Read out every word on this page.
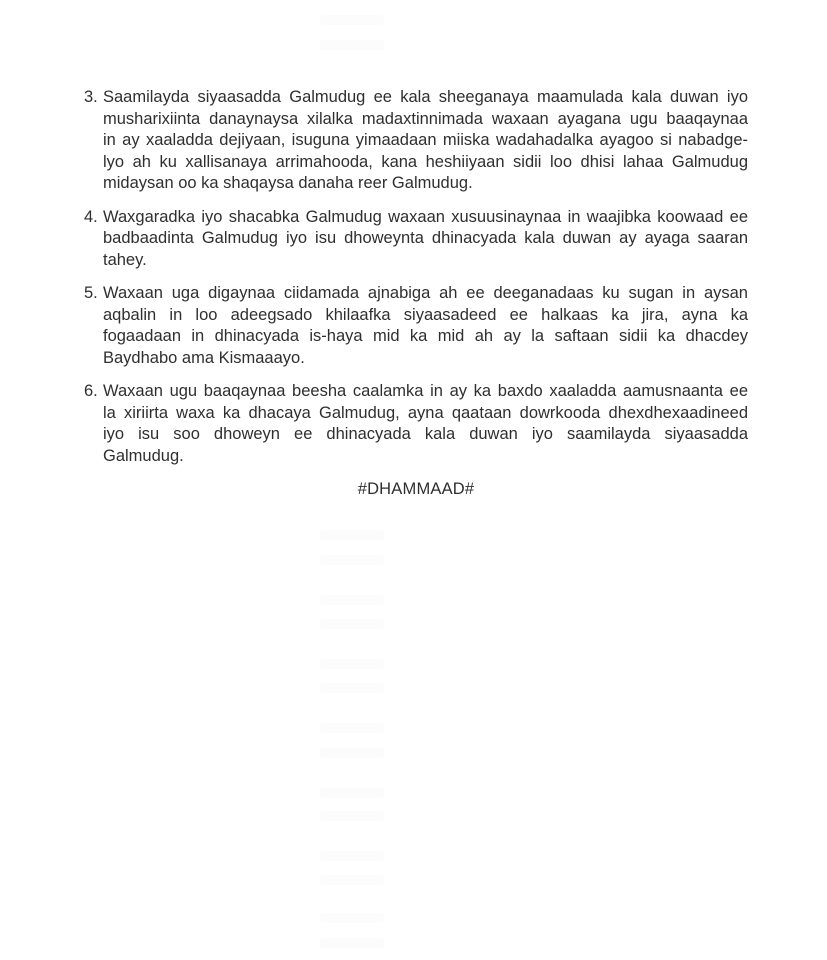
3. Saamilayda siyaasadda Galmudug ee kala sheeganaya maamulada kala duwan iyo
musharixiinta danaynaysa xilalka madaxtinnimada waxaan ayagana ugu baaqaynaa
in ay xaaladda dejiyaan, isuguna yimaadaan miiska wadahadalka ayagoo si nabadge-
lyo ah ku xallisanaya arrimahooda, kana heshiiyaan sidii loo dhisi lahaa Galmudug
midaysan oo ka shaqaysa danaha reer Galmudug.
4. Waxgaradka iyo shacabka Galmudug waxaan xusuusinaynaa in waajibka koowaad ee
badbaadinta Galmudug iyo isu dhoweynta dhinacyada kala duwan ay ayaga saaran
tahey.
5. Waxaan uga digaynaa ciidamada ajnabiga ah ee deeganadaas ku sugan in aysan
aqbalin in loo adeegsado khilaafka siyaasadeed ee halkaas ka jira, ayna ka
fogaadaan in dhinacyada is-haya mid ka mid ah ay la saftaan sidii ka dhacdey
Baydhabo ama Kismaaayo.
6. Waxaan ugu baaqaynaa beesha caalamka in ay ka baxdo xaaladda aamusnaanta ee
la xiriirta waxa ka dhacaya Galmudug, ayna qaataan dowrkooda dhexdhexaadineed
iyo isu soo dhoweyn ee dhinacyada kala duwan iyo saamilayda siyaasadda
Galmudug.
#DHAMMAAD#
